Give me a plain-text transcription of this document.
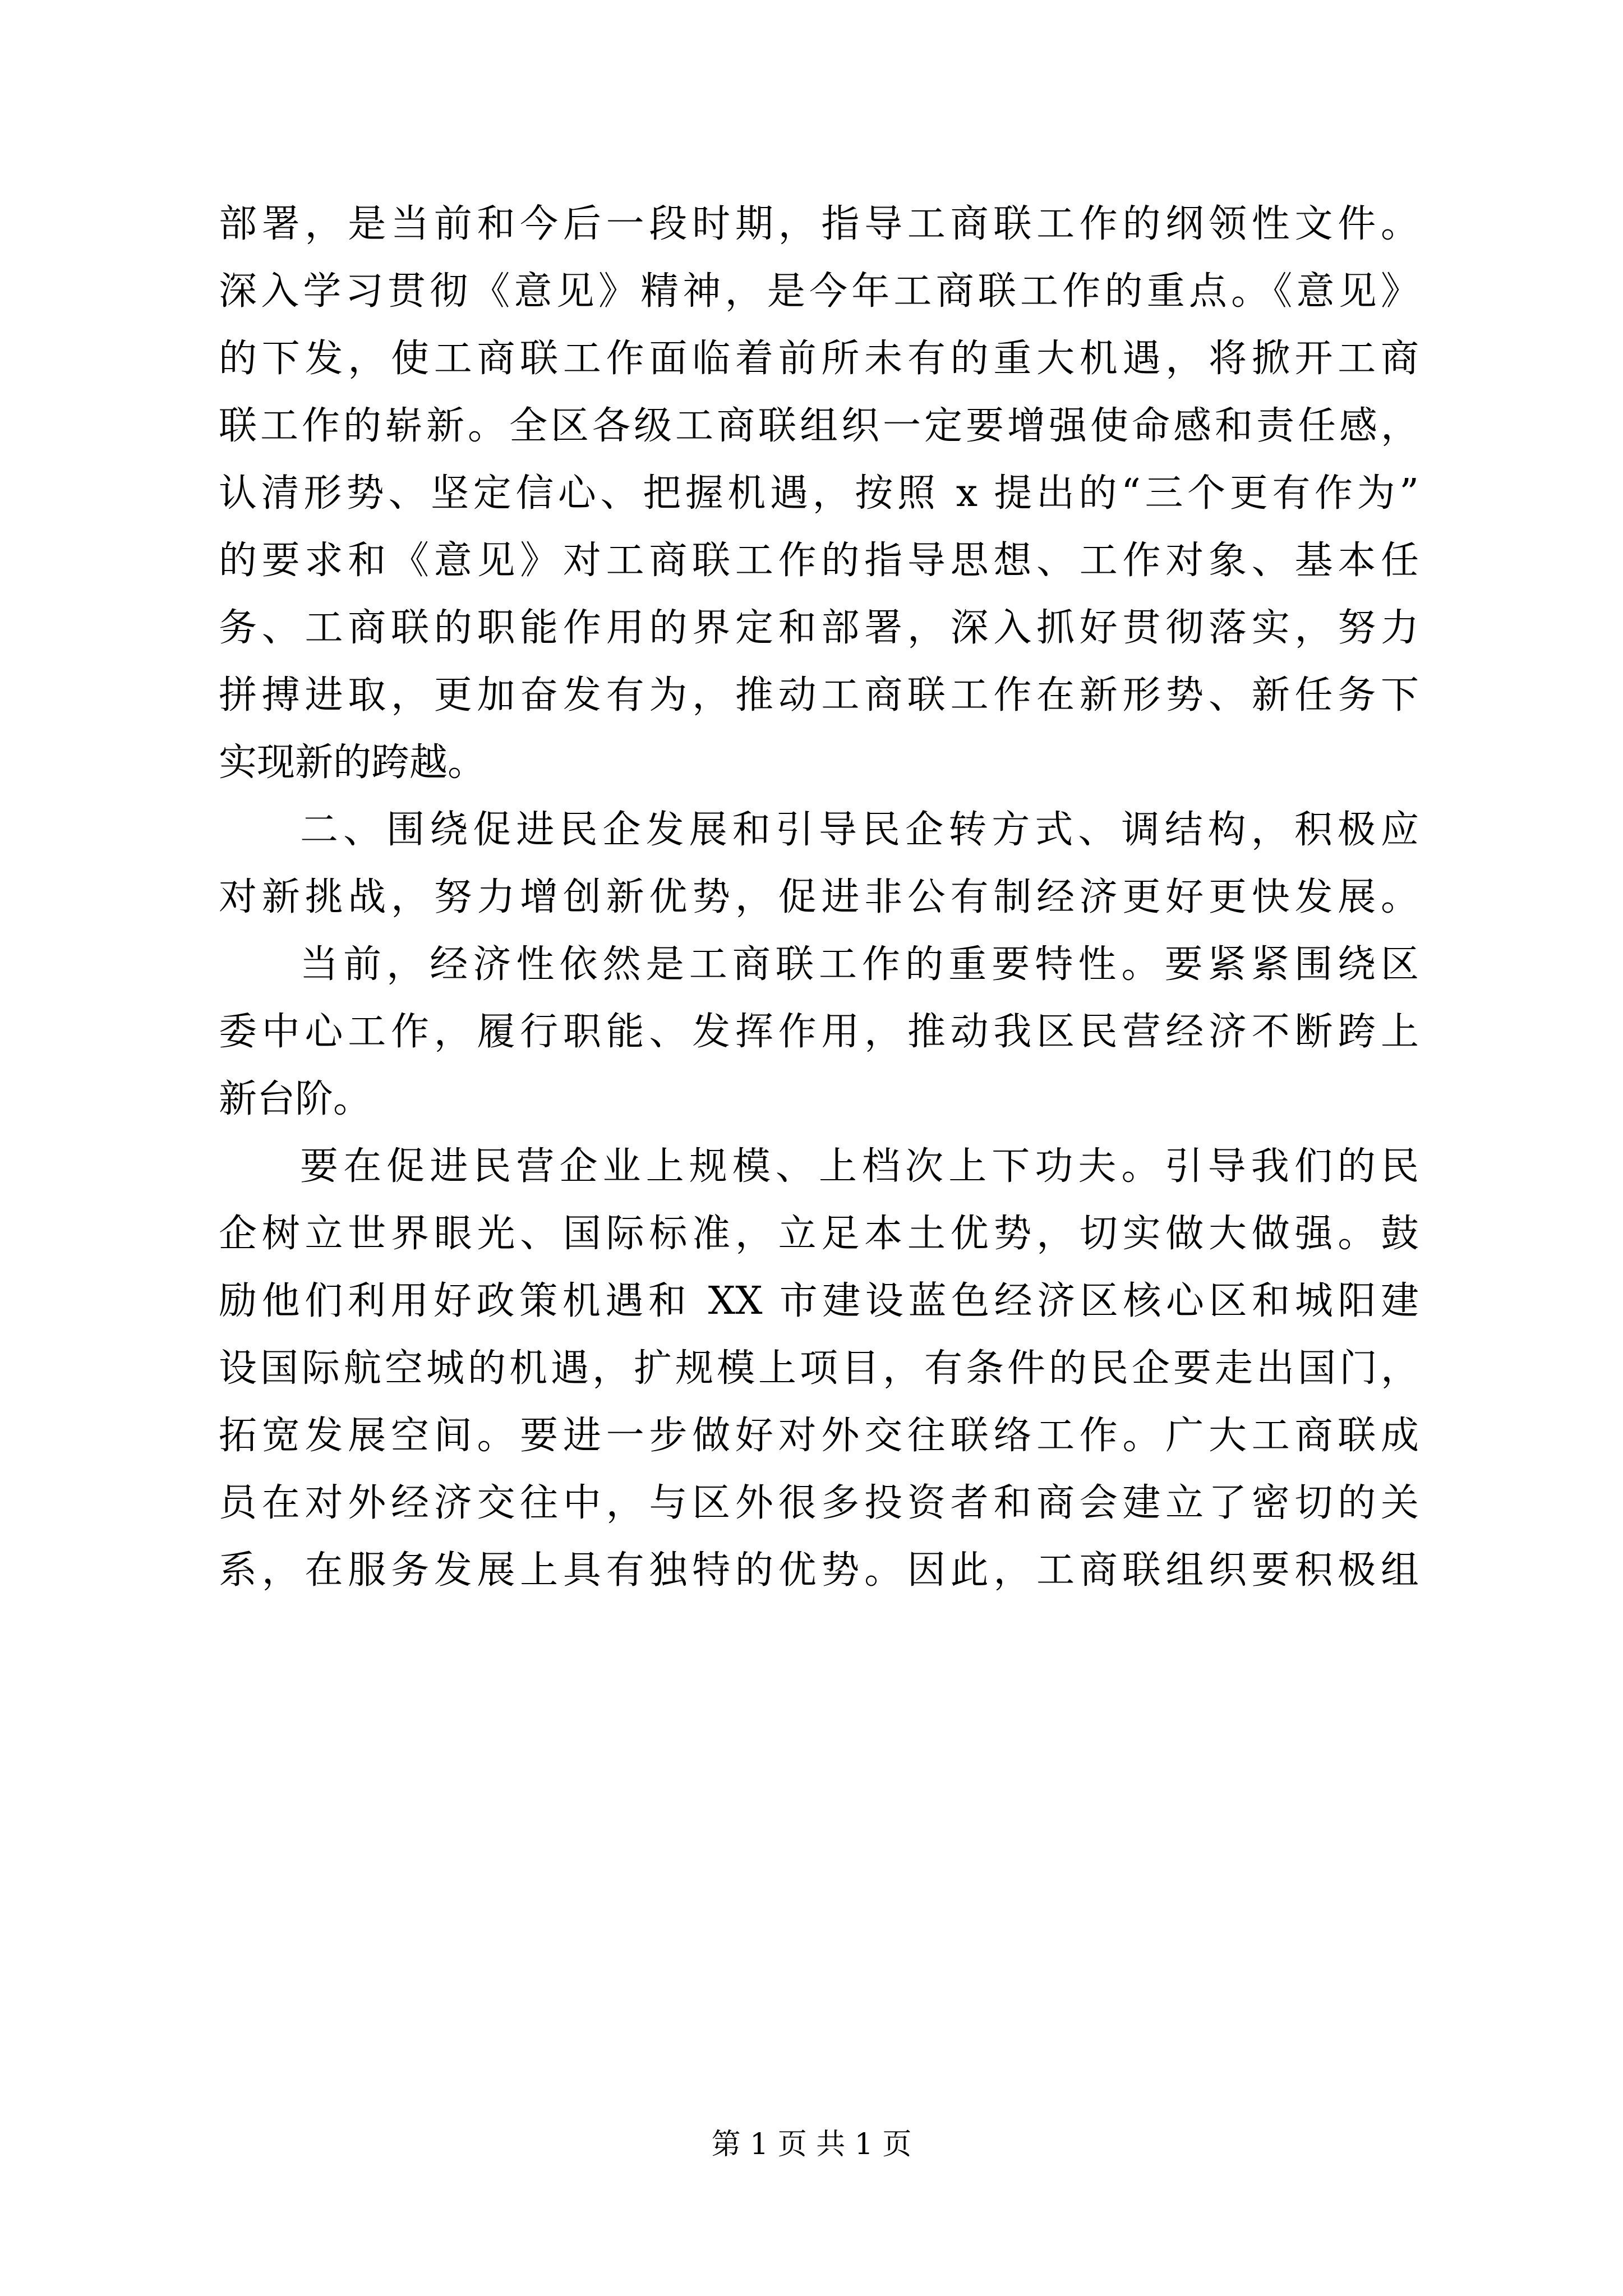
部署，是当前和今后一段时期，指导工商联工作的纲领性文件。
深入学习贯彻《意见》精神，是今年工商联工作的重点。《意见》
的下发，使工商联工作面临着前所未有的重大机遇，将掀开工商
联工作的崭新。全区各级工商联组织一定要增强使命感和责任感，
认清形势、坚定信心、把握机遇，按照 x 提出的“三个更有作为”
的要求和《意见》对工商联工作的指导思想、工作对象、基本任
务、工商联的职能作用的界定和部署，深入抓好贯彻落实，努力
拼搏进取，更加奋发有为，推动工商联工作在新形势、新任务下
实现新的跨越。

二、围绕促进民企发展和引导民企转方式、调结构，积极应
对新挑战，努力增创新优势，促进非公有制经济更好更快发展。

当前，经济性依然是工商联工作的重要特性。要紧紧围绕区
委中心工作，履行职能、发挥作用，推动我区民营经济不断跨上
新台阶。

要在促进民营企业上规模、上档次上下功夫。引导我们的民
企树立世界眼光、国际标准，立足本土优势，切实做大做强。鼓
励他们利用好政策机遇和 XX 市建设蓝色经济区核心区和城阳建
设国际航空城的机遇，扩规模上项目，有条件的民企要走出国门，
拓宽发展空间。要进一步做好对外交往联络工作。广大工商联成
员在对外经济交往中，与区外很多投资者和商会建立了密切的关
系，在服务发展上具有独特的优势。因此，工商联组织要积极组

第 1 页 共 1 页
